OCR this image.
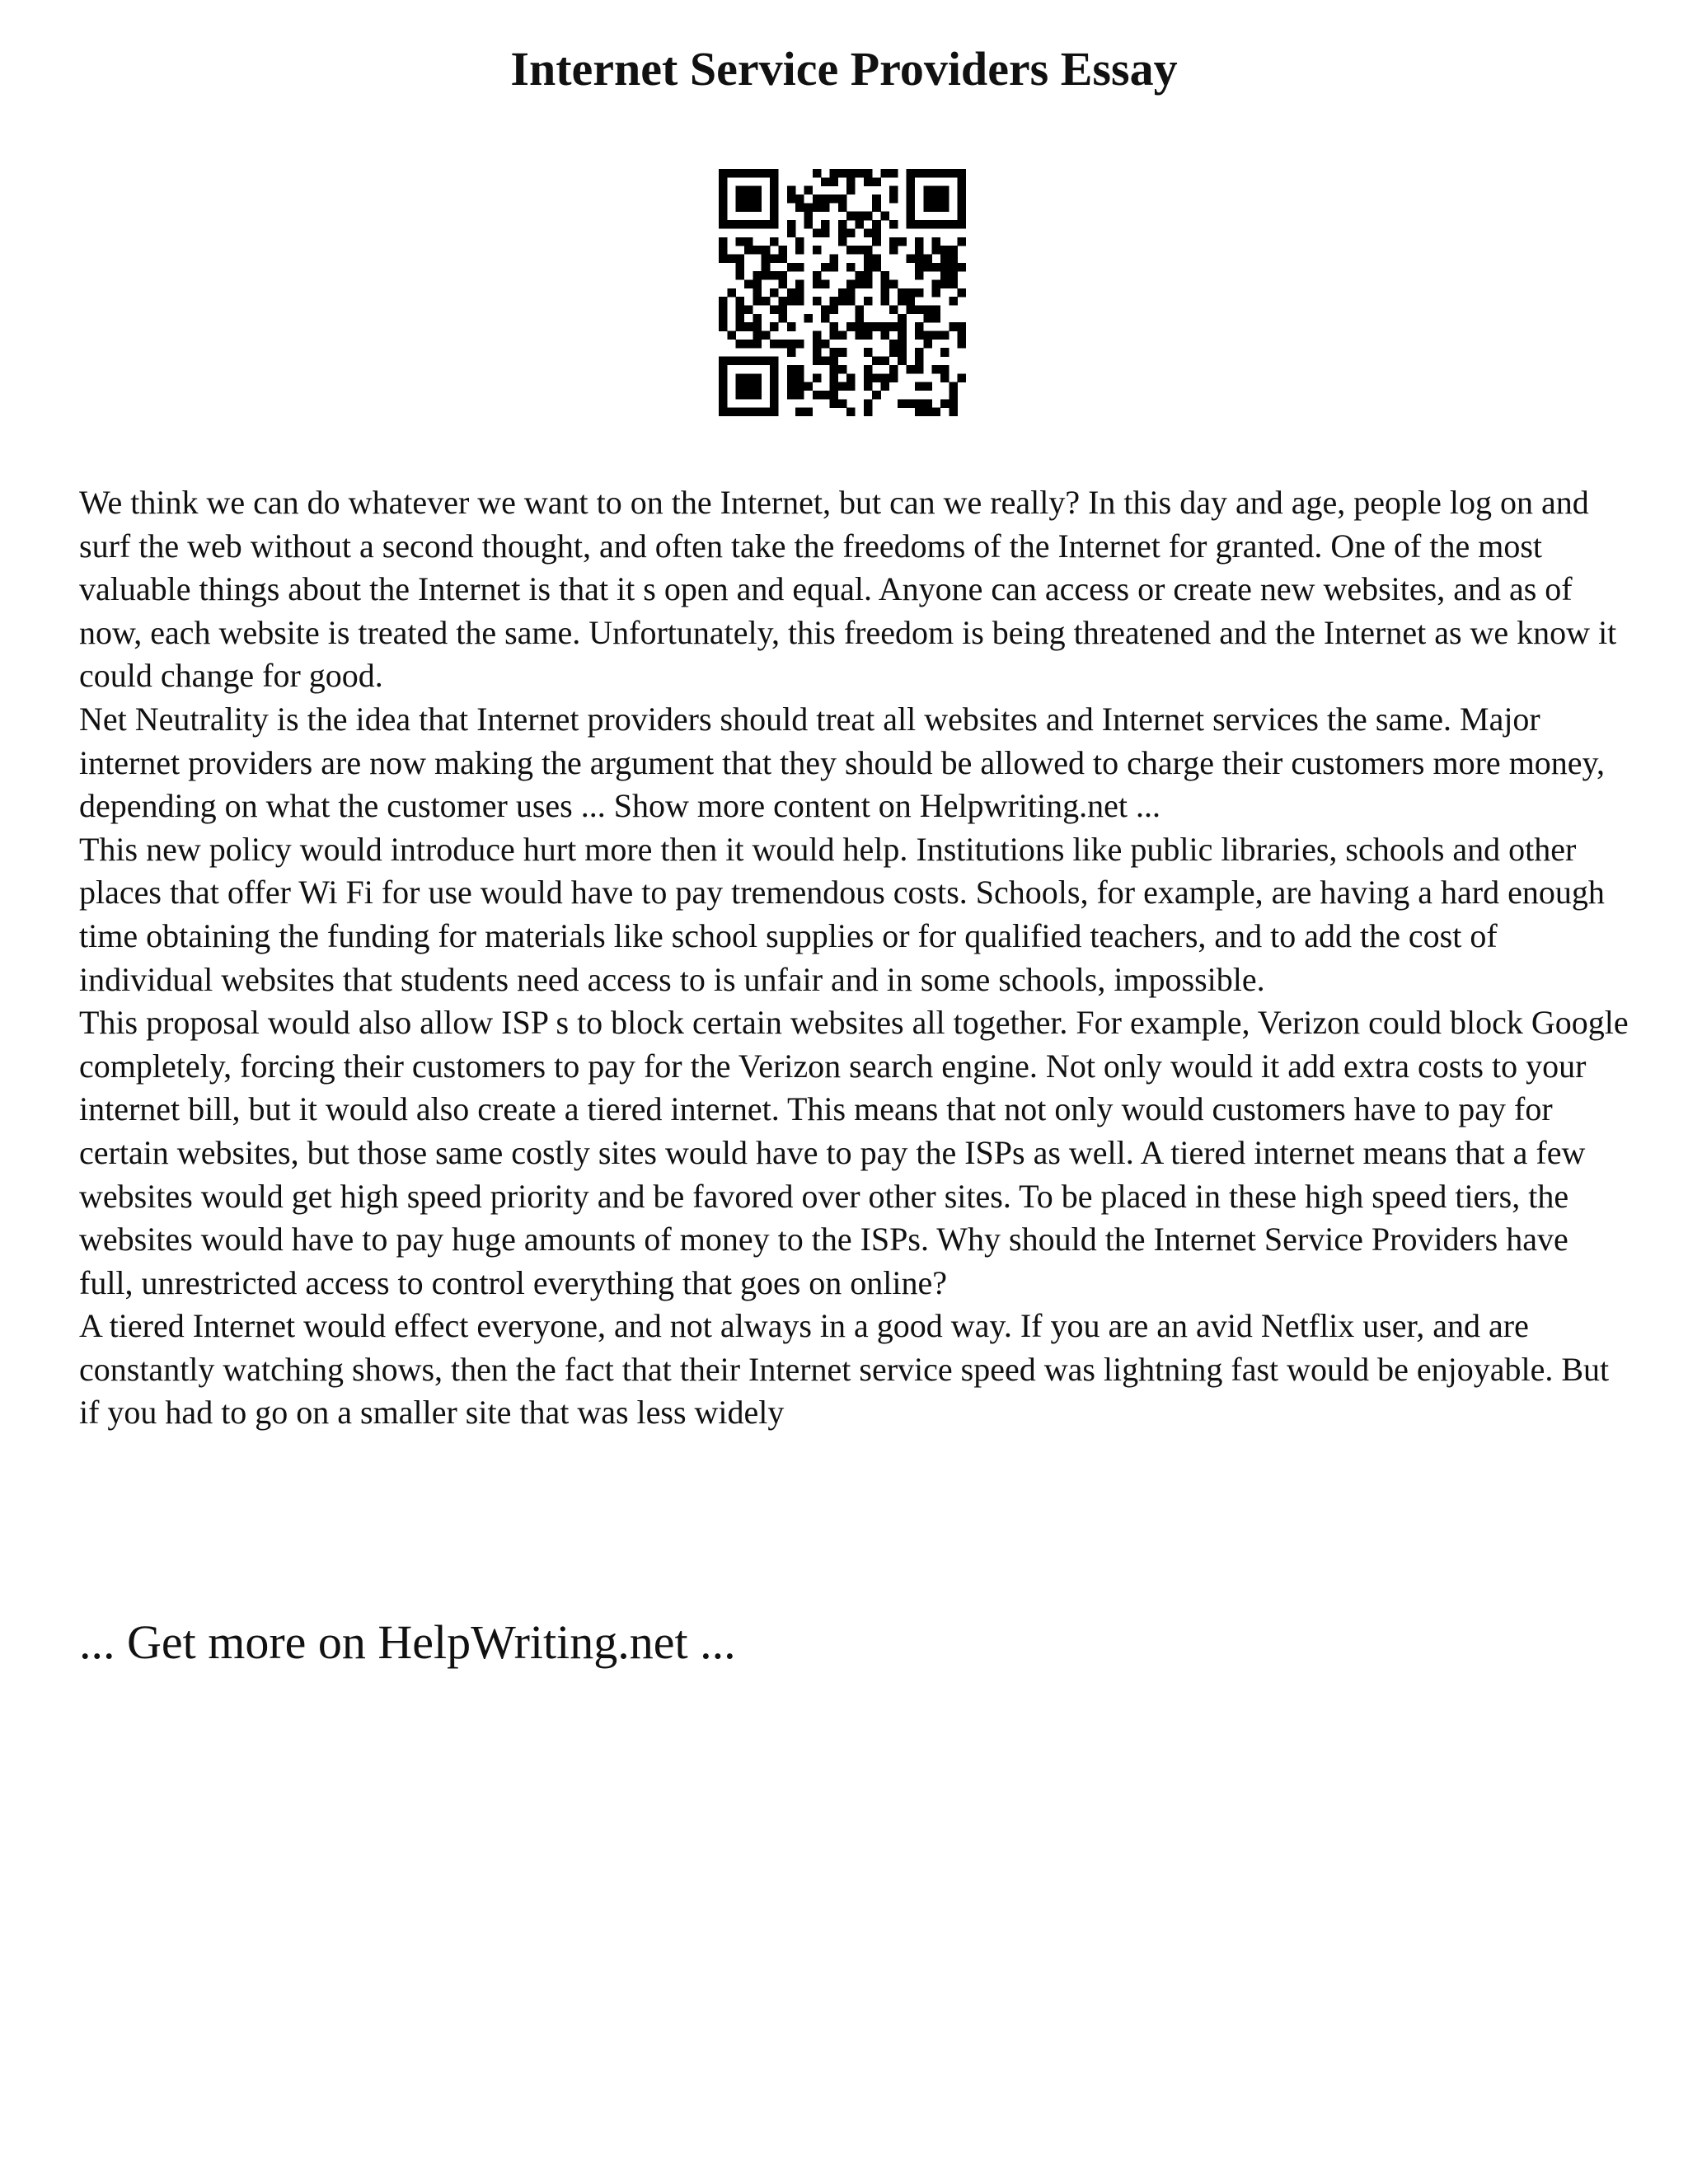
Internet Service Providers Essay

We think we can do whatever we want to on the Internet, but can we really? In this day and age, people log on and surf the web without a second thought, and often take the freedoms of the Internet for granted. One of the most valuable things about the Internet is that it s open and equal. Anyone can access or create new websites, and as of now, each website is treated the same. Unfortunately, this freedom is being threatened and the Internet as we know it could change for good.

Net Neutrality is the idea that Internet providers should treat all websites and Internet services the same. Major internet providers are now making the argument that they should be allowed to charge their customers more money, depending on what the customer uses ... Show more content on Helpwriting.net ...

This new policy would introduce hurt more then it would help. Institutions like public libraries, schools and other places that offer Wi Fi for use would have to pay tremendous costs. Schools, for example, are having a hard enough time obtaining the funding for materials like school supplies or for qualified teachers, and to add the cost of individual websites that students need access to is unfair and in some schools, impossible.

This proposal would also allow ISP s to block certain websites all together. For example, Verizon could block Google completely, forcing their customers to pay for the Verizon search engine. Not only would it add extra costs to your internet bill, but it would also create a tiered internet. This means that not only would customers have to pay for certain websites, but those same costly sites would have to pay the ISPs as well. A tiered internet means that a few websites would get high speed priority and be favored over other sites. To be placed in these high speed tiers, the websites would have to pay huge amounts of money to the ISPs. Why should the Internet Service Providers have full, unrestricted access to control everything that goes on online?

A tiered Internet would effect everyone, and not always in a good way. If you are an avid Netflix user, and are constantly watching shows, then the fact that their Internet service speed was lightning fast would be enjoyable. But if you had to go on a smaller site that was less widely

... Get more on HelpWriting.net ...
